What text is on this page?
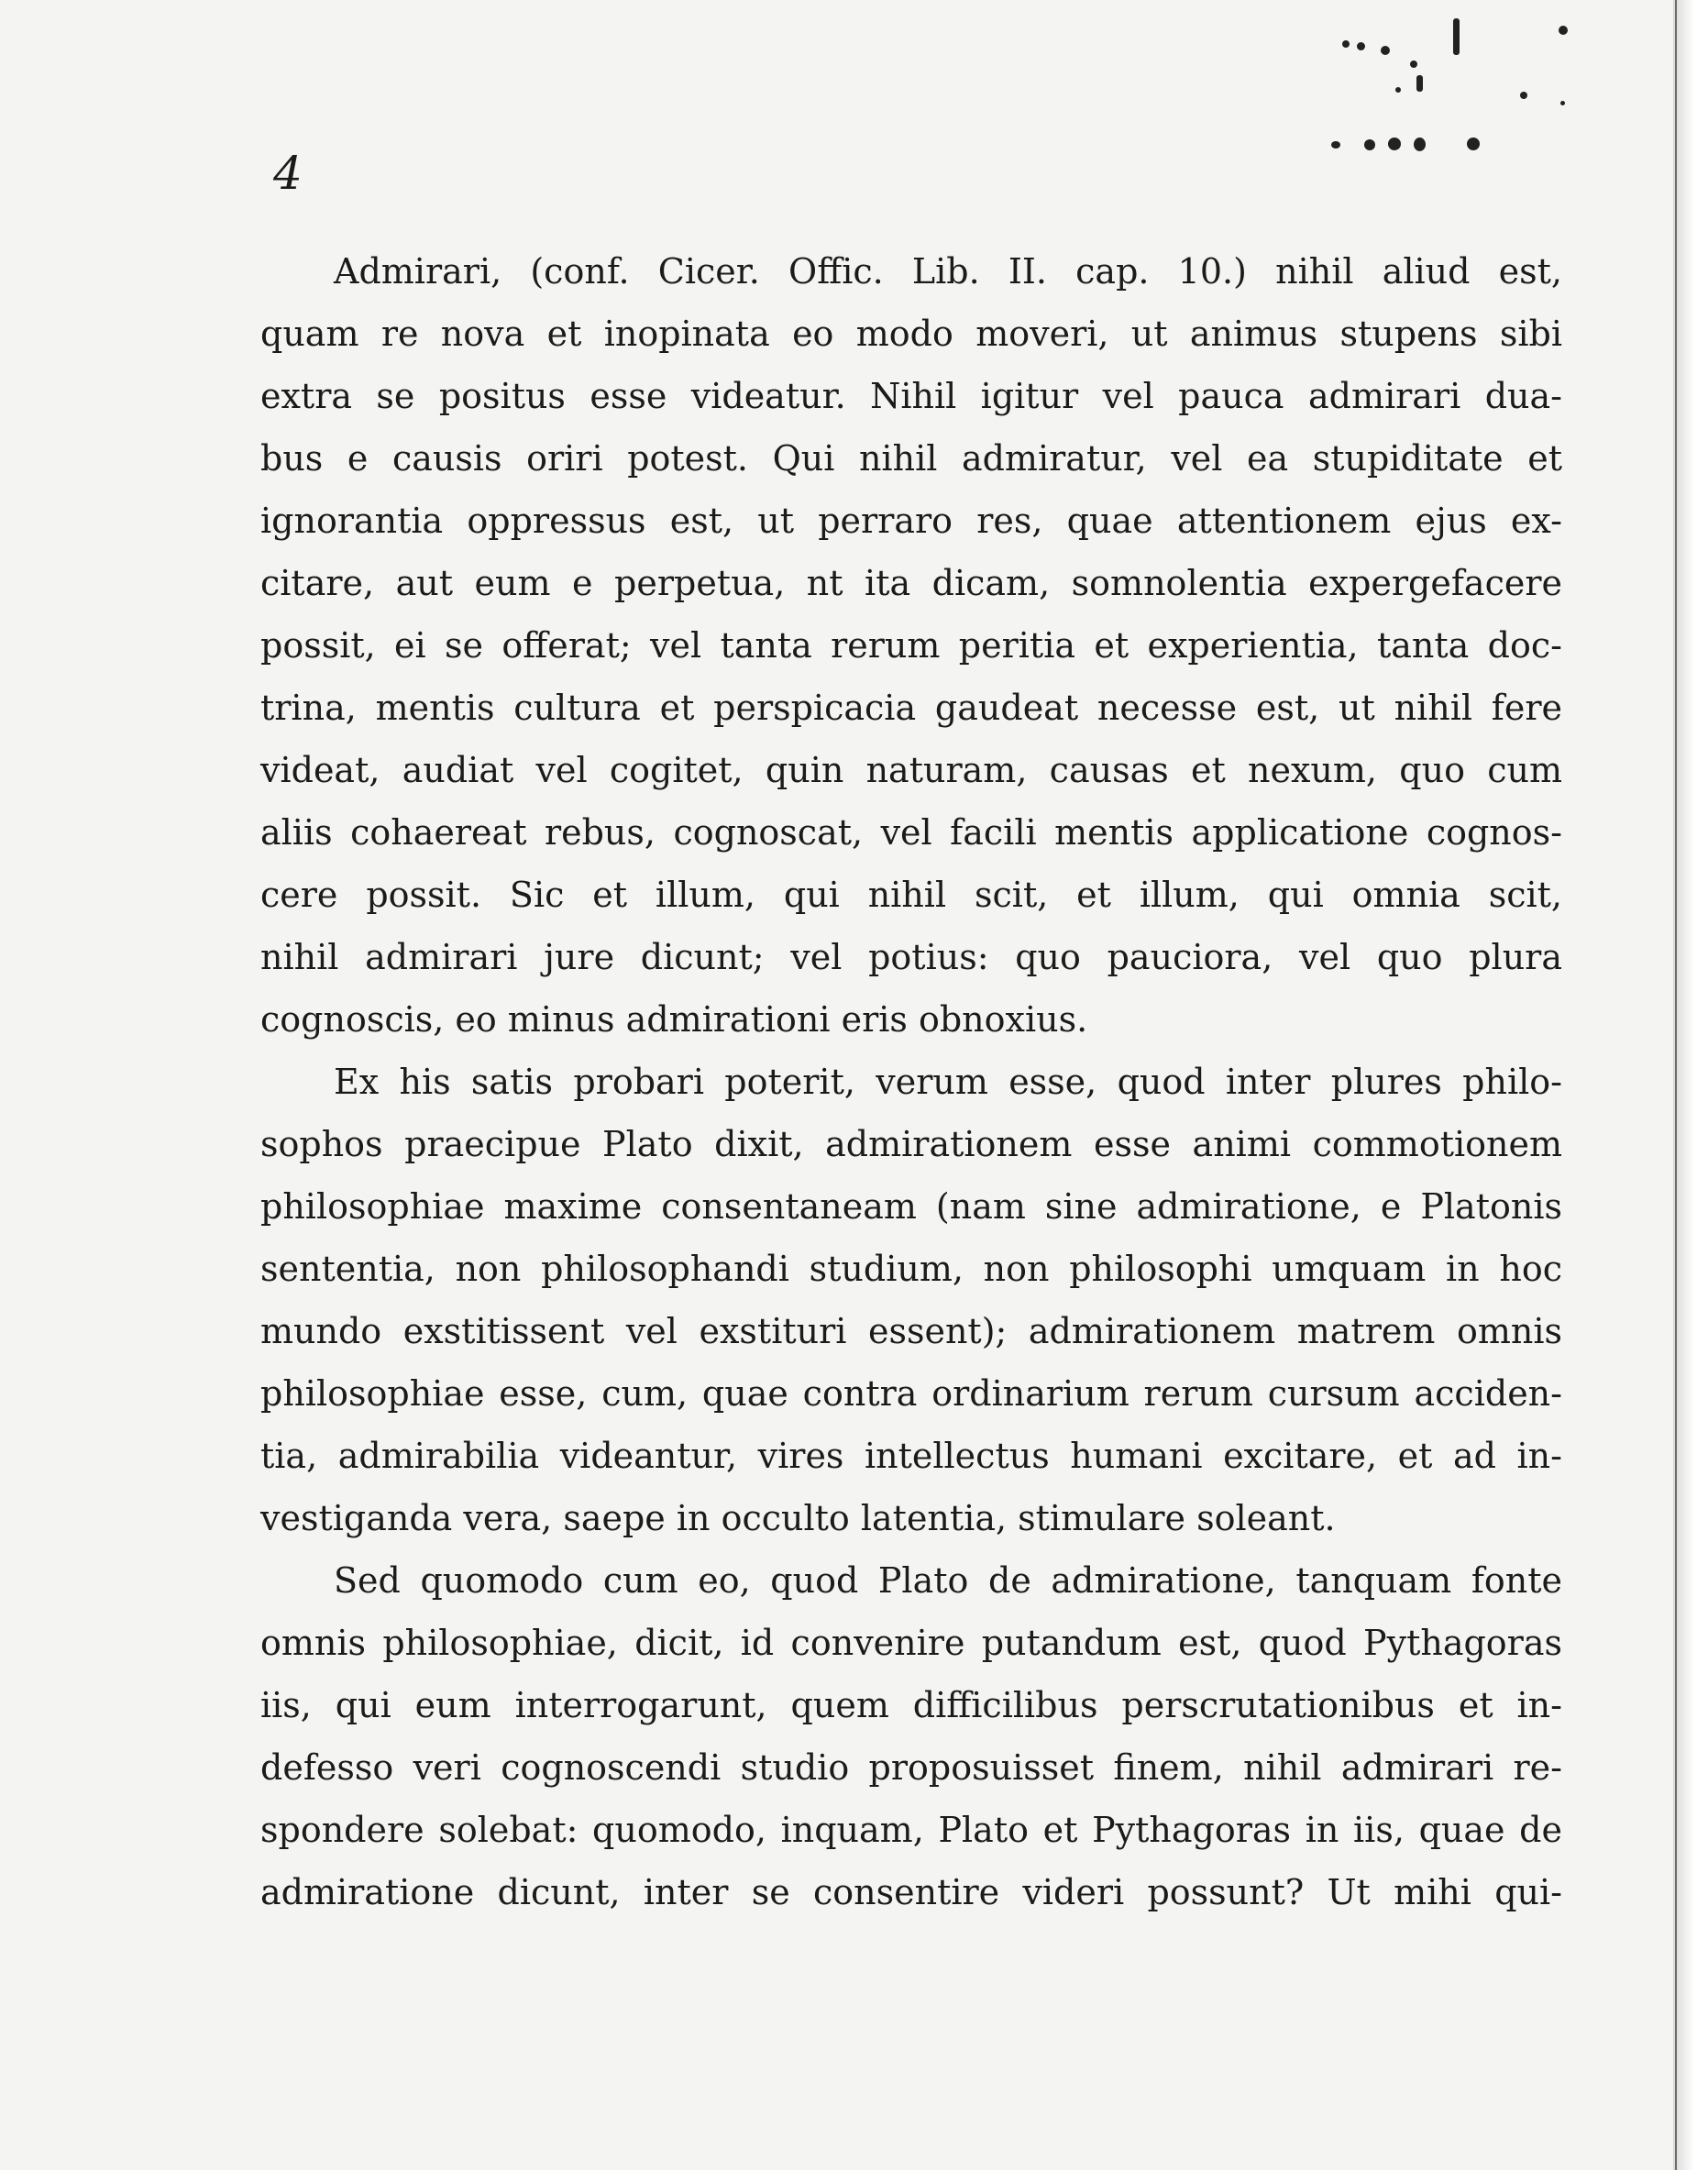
4

Admirari, (conf. Cicer. Offic. Lib. II. cap. 10.) nihil aliud est,
quam re nova et inopinata eo modo moveri, ut animus stupens sibi
extra se positus esse videatur. Nihil igitur vel pauca admirari dua-
bus e causis oriri potest. Qui nihil admiratur, vel ea stupiditate et
ignorantia oppressus est, ut perraro res, quae attentionem ejus ex-
citare, aut eum e perpetua, nt ita dicam, somnolentia expergefacere
possit, ei se offerat; vel tanta rerum peritia et experientia, tanta doc-
trina, mentis cultura et perspicacia gaudeat necesse est, ut nihil fere
videat, audiat vel cogitet, quin naturam, causas et nexum, quo cum
aliis cohaereat rebus, cognoscat, vel facili mentis applicatione cognos-
cere possit. Sic et illum, qui nihil scit, et illum, qui omnia scit,
nihil admirari jure dicunt; vel potius: quo pauciora, vel quo plura
cognoscis, eo minus admirationi eris obnoxius.

Ex his satis probari poterit, verum esse, quod inter plures philo-
sophos praecipue Plato dixit, admirationem esse animi commotionem
philosophiae maxime consentaneam (nam sine admiratione, e Platonis
sententia, non philosophandi studium, non philosophi umquam in hoc
mundo exstitissent vel exstituri essent); admirationem matrem omnis
philosophiae esse, cum, quae contra ordinarium rerum cursum acciden-
tia, admirabilia videantur, vires intellectus humani excitare, et ad in-
vestiganda vera, saepe in occulto latentia, stimulare soleant.

Sed quomodo cum eo, quod Plato de admiratione, tanquam fonte
omnis philosophiae, dicit, id convenire putandum est, quod Pythagoras
iis, qui eum interrogarunt, quem difficilibus perscrutationibus et in-
defesso veri cognoscendi studio proposuisset finem, nihil admirari re-
spondere solebat: quomodo, inquam, Plato et Pythagoras in iis, quae de
admiratione dicunt, inter se consentire videri possunt? Ut mihi qui-
